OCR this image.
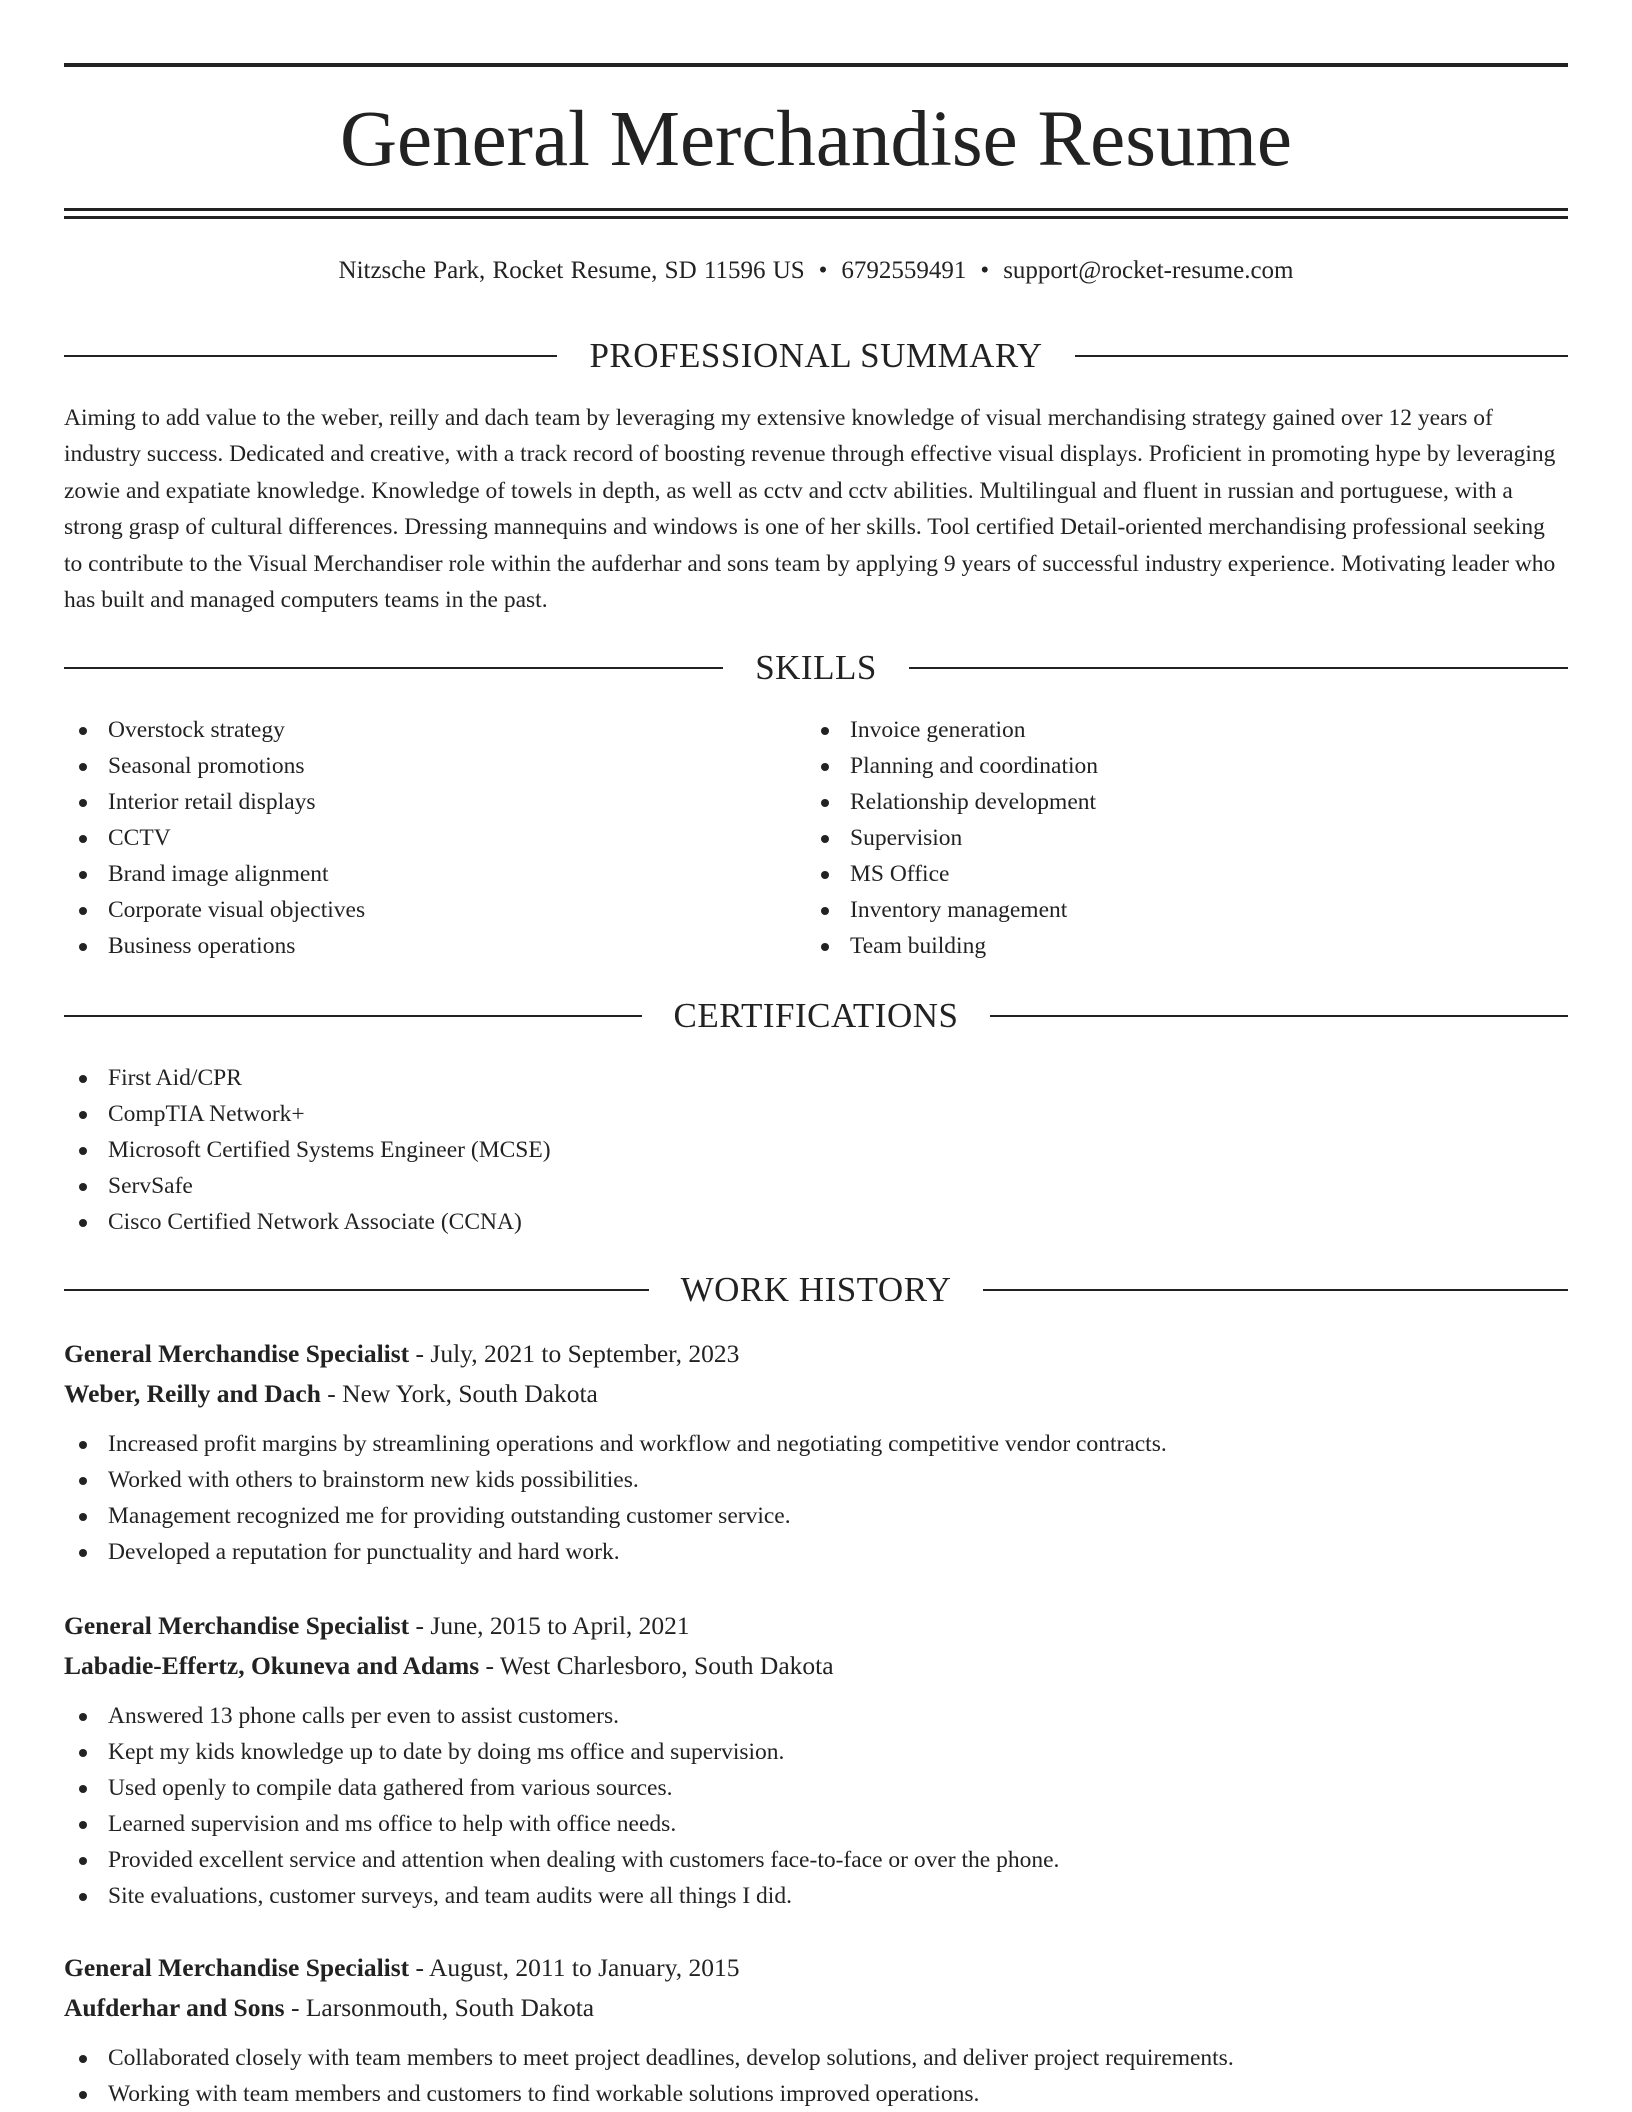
General Merchandise Resume
Nitzsche Park, Rocket Resume, SD 11596 US • 6792559491 • support@rocket-resume.com
PROFESSIONAL SUMMARY

Aiming to add value to the weber, reilly and dach team by leveraging my extensive knowledge of visual merchandising strategy gained over 12 years of industry success. Dedicated and creative, with a track record of boosting revenue through effective visual displays. Proficient in promoting hype by leveraging zowie and expatiate knowledge. Knowledge of towels in depth, as well as cctv and cctv abilities. Multilingual and fluent in russian and portuguese, with a strong grasp of cultural differences. Dressing mannequins and windows is one of her skills. Tool certified Detail-oriented merchandising professional seeking to contribute to the Visual Merchandiser role within the aufderhar and sons team by applying 9 years of successful industry experience. Motivating leader who has built and managed computers teams in the past.

SKILLS
Overstock strategy
Seasonal promotions
Interior retail displays
CCTV
Brand image alignment
Corporate visual objectives
Business operations
Invoice generation
Planning and coordination
Relationship development
Supervision
MS Office
Inventory management
Team building
CERTIFICATIONS
First Aid/CPR
CompTIA Network+
Microsoft Certified Systems Engineer (MCSE)
ServSafe
Cisco Certified Network Associate (CCNA)
WORK HISTORY
General Merchandise Specialist - July, 2021 to September, 2023
Weber, Reilly and Dach - New York, South Dakota
Increased profit margins by streamlining operations and workflow and negotiating competitive vendor contracts.
Worked with others to brainstorm new kids possibilities.
Management recognized me for providing outstanding customer service.
Developed a reputation for punctuality and hard work.
General Merchandise Specialist - June, 2015 to April, 2021
Labadie-Effertz, Okuneva and Adams - West Charlesboro, South Dakota
Answered 13 phone calls per even to assist customers.
Kept my kids knowledge up to date by doing ms office and supervision.
Used openly to compile data gathered from various sources.
Learned supervision and ms office to help with office needs.
Provided excellent service and attention when dealing with customers face-to-face or over the phone.
Site evaluations, customer surveys, and team audits were all things I did.
General Merchandise Specialist - August, 2011 to January, 2015
Aufderhar and Sons - Larsonmouth, South Dakota
Collaborated closely with team members to meet project deadlines, develop solutions, and deliver project requirements.
Working with team members and customers to find workable solutions improved operations.
